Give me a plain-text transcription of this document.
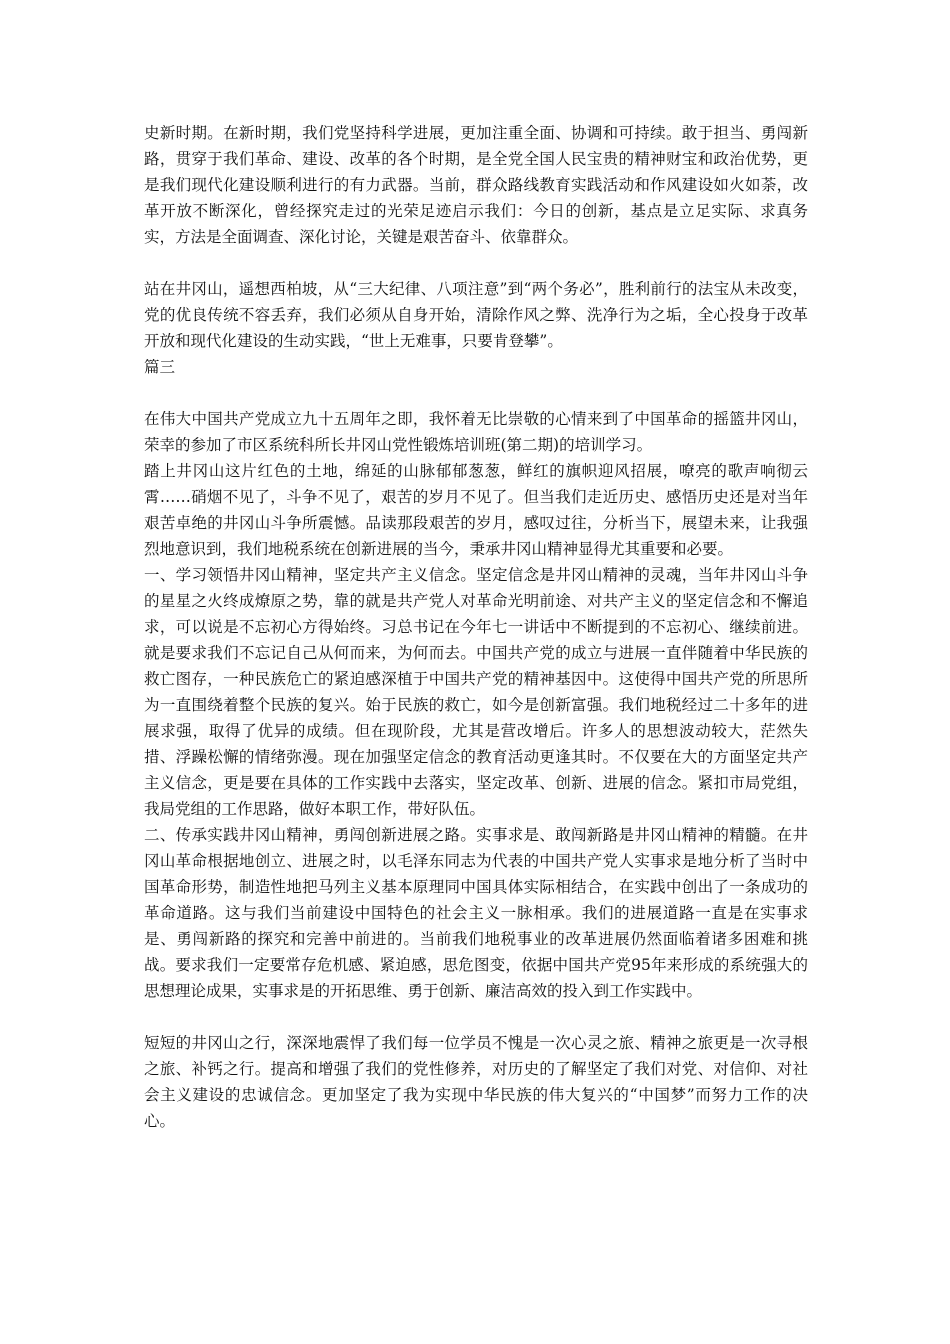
史新时期。在新时期，我们党坚持科学进展，更加注重全面、协调和可持续。敢于担当、勇闯新路，贯穿于我们革命、建设、改革的各个时期，是全党全国人民宝贵的精神财宝和政治优势，更是我们现代化建设顺利进行的有力武器。当前，群众路线教育实践活动和作风建设如火如荼，改革开放不断深化，曾经探究走过的光荣足迹启示我们：今日的创新，基点是立足实际、求真务实，方法是全面调查、深化讨论，关键是艰苦奋斗、依靠群众。

站在井冈山，遥想西柏坡，从“三大纪律、八项注意”到“两个务必”，胜利前行的法宝从未改变，党的优良传统不容丢弃，我们必须从自身开始，清除作风之弊、洗净行为之垢，全心投身于改革开放和现代化建设的生动实践，“世上无难事，只要肯登攀”。

篇三

在伟大中国共产党成立九十五周年之即，我怀着无比崇敬的心情来到了中国革命的摇篮井冈山，荣幸的参加了市区系统科所长井冈山党性锻炼培训班(第二期)的培训学习。

踏上井冈山这片红色的土地，绵延的山脉郁郁葱葱，鲜红的旗帜迎风招展，嘹亮的歌声响彻云霄……硝烟不见了，斗争不见了，艰苦的岁月不见了。但当我们走近历史、感悟历史还是对当年艰苦卓绝的井冈山斗争所震憾。品读那段艰苦的岁月，感叹过往，分析当下，展望未来，让我强烈地意识到，我们地税系统在创新进展的当今，秉承井冈山精神显得尤其重要和必要。

一、学习领悟井冈山精神，坚定共产主义信念。坚定信念是井冈山精神的灵魂，当年井冈山斗争的星星之火终成燎原之势，靠的就是共产党人对革命光明前途、对共产主义的坚定信念和不懈追求，可以说是不忘初心方得始终。习总书记在今年七一讲话中不断提到的不忘初心、继续前进。就是要求我们不忘记自己从何而来，为何而去。中国共产党的成立与进展一直伴随着中华民族的救亡图存，一种民族危亡的紧迫感深植于中国共产党的精神基因中。这使得中国共产党的所思所为一直围绕着整个民族的复兴。始于民族的救亡，如今是创新富强。我们地税经过二十多年的进展求强，取得了优异的成绩。但在现阶段，尤其是营改增后。许多人的思想波动较大，茫然失措、浮躁松懈的情绪弥漫。现在加强坚定信念的教育活动更逢其时。不仅要在大的方面坚定共产主义信念，更是要在具体的工作实践中去落实，坚定改革、创新、进展的信念。紧扣市局党组，我局党组的工作思路，做好本职工作，带好队伍。

二、传承实践井冈山精神，勇闯创新进展之路。实事求是、敢闯新路是井冈山精神的精髓。在井冈山革命根据地创立、进展之时，以毛泽东同志为代表的中国共产党人实事求是地分析了当时中国革命形势，制造性地把马列主义基本原理同中国具体实际相结合，在实践中创出了一条成功的革命道路。这与我们当前建设中国特色的社会主义一脉相承。我们的进展道路一直是在实事求是、勇闯新路的探究和完善中前进的。当前我们地税事业的改革进展仍然面临着诸多困难和挑战。要求我们一定要常存危机感、紧迫感，思危图变，依据中国共产党95年来形成的系统强大的思想理论成果，实事求是的开拓思维、勇于创新、廉洁高效的投入到工作实践中。

短短的井冈山之行，深深地震悍了我们每一位学员不愧是一次心灵之旅、精神之旅更是一次寻根之旅、补钙之行。提高和增强了我们的党性修养，对历史的了解坚定了我们对党、对信仰、对社会主义建设的忠诚信念。更加坚定了我为实现中华民族的伟大复兴的“中国梦”而努力工作的决心。
